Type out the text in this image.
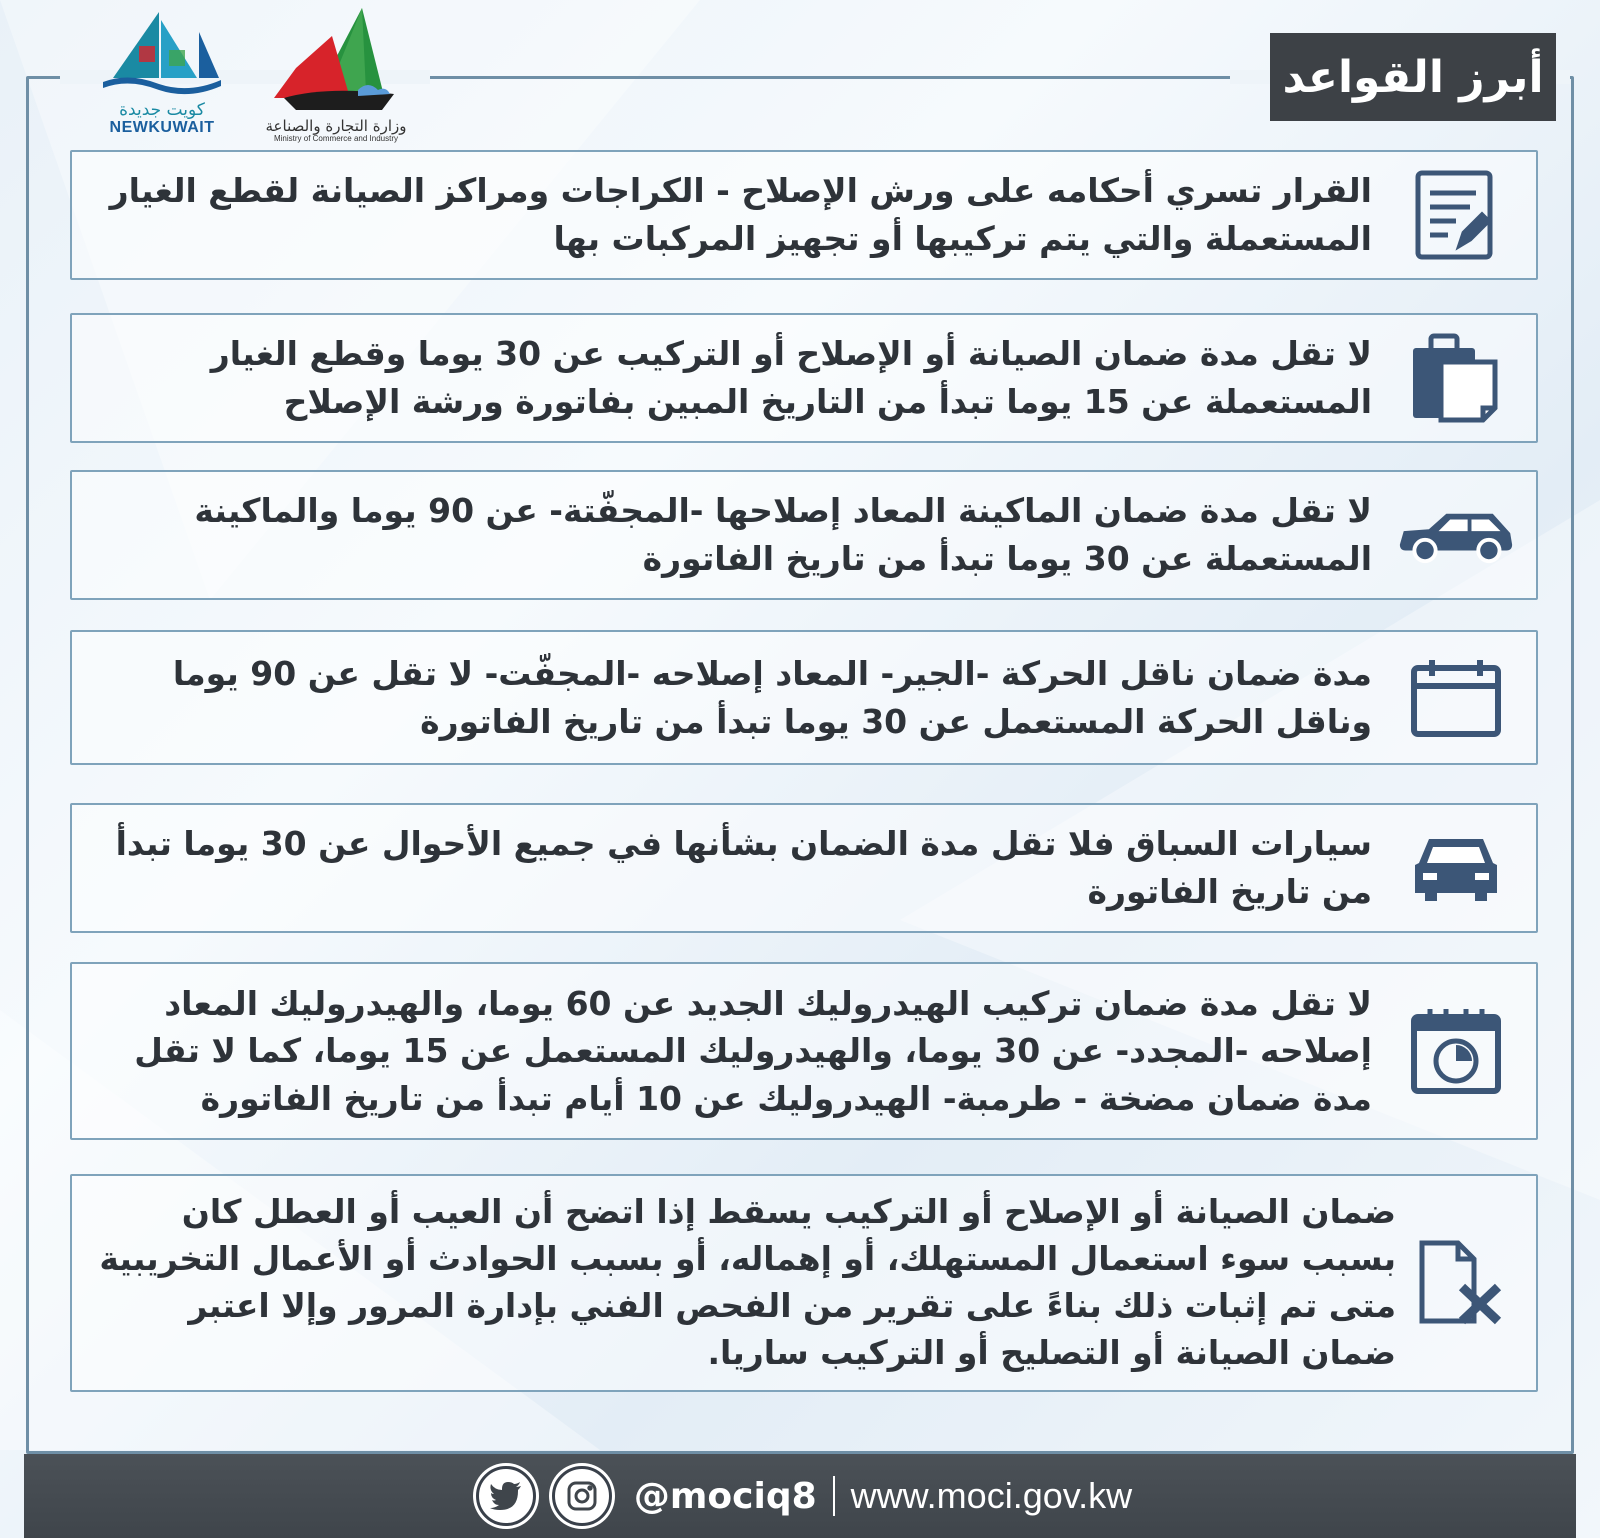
وزارة التجارة والصناعة
Ministry of Commerce and Industry
كويت جديدة
NEWKUWAIT
أبرز القواعد
القرار تسري أحكامه على ورش الإصلاح - الكراجات ومراكز الصيانة لقطع الغيار المستعملة والتي يتم تركيبها أو تجهيز المركبات بها
لا تقل مدة ضمان الصيانة أو الإصلاح أو التركيب عن 30 يوما وقطع الغيار المستعملة عن 15 يوما تبدأ من التاريخ المبين بفاتورة ورشة الإصلاح
لا تقل مدة ضمان الماكينة المعاد إصلاحها -المجفّتة- عن 90 يوما والماكينة المستعملة عن 30 يوما تبدأ من تاريخ الفاتورة
مدة ضمان ناقل الحركة -الجير- المعاد إصلاحه -المجفّت- لا تقل عن 90 يوما وناقل الحركة المستعمل عن 30 يوما تبدأ من تاريخ الفاتورة
سيارات السباق فلا تقل مدة الضمان بشأنها في جميع الأحوال عن 30 يوما تبدأ من تاريخ الفاتورة
لا تقل مدة ضمان تركيب الهيدروليك الجديد عن 60 يوما، والهيدروليك المعاد إصلاحه -المجدد- عن 30 يوما، والهيدروليك المستعمل عن 15 يوما، كما لا تقل مدة ضمان مضخة - طرمبة- الهيدروليك عن 10 أيام تبدأ من تاريخ الفاتورة
ضمان الصيانة أو الإصلاح أو التركيب يسقط إذا اتضح أن العيب أو العطل كان بسبب سوء استعمال المستهلك، أو إهماله، أو بسبب الحوادث أو الأعمال التخريبية متى تم إثبات ذلك بناءً على تقرير من الفحص الفني بإدارة المرور وإلا اعتبر ضمان الصيانة أو التصليح أو التركيب ساريا.
@mociq8 www.moci.gov.kw
